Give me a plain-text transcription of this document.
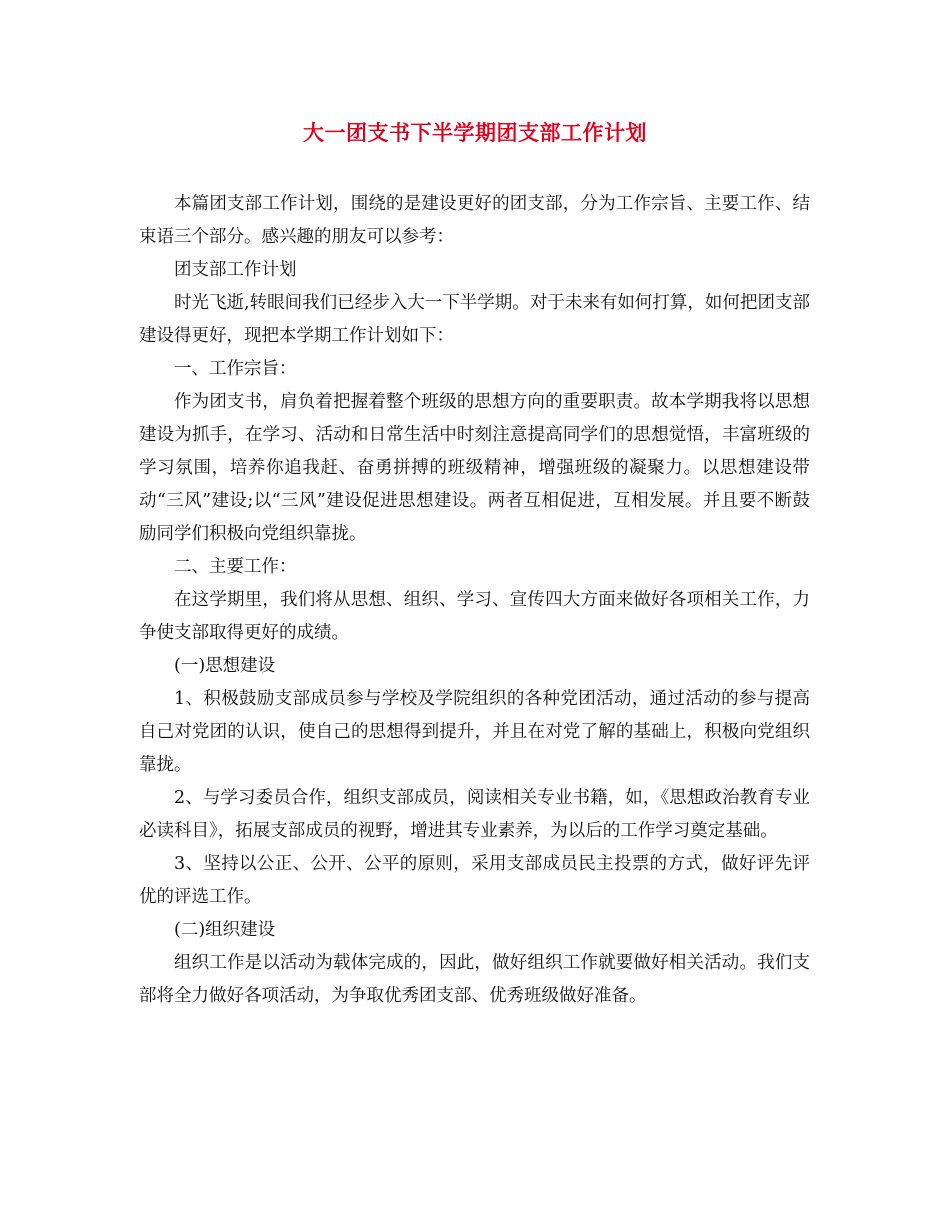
大一团支书下半学期团支部工作计划

本篇团支部工作计划，围绕的是建设更好的团支部，分为工作宗旨、主要工作、结束语三个部分。感兴趣的朋友可以参考：

团支部工作计划

时光飞逝,转眼间我们已经步入大一下半学期。对于未来有如何打算，如何把团支部建设得更好，现把本学期工作计划如下：

一、工作宗旨：

作为团支书，肩负着把握着整个班级的思想方向的重要职责。故本学期我将以思想建设为抓手，在学习、活动和日常生活中时刻注意提高同学们的思想觉悟，丰富班级的学习氛围，培养你追我赶、奋勇拼搏的班级精神，增强班级的凝聚力。以思想建设带动“三风”建设;以“三风”建设促进思想建设。两者互相促进，互相发展。并且要不断鼓励同学们积极向党组织靠拢。

二、主要工作：

在这学期里，我们将从思想、组织、学习、宣传四大方面来做好各项相关工作，力争使支部取得更好的成绩。

(一)思想建设

1、积极鼓励支部成员参与学校及学院组织的各种党团活动，通过活动的参与提高自己对党团的认识，使自己的思想得到提升，并且在对党了解的基础上，积极向党组织靠拢。

2、与学习委员合作，组织支部成员，阅读相关专业书籍，如，《思想政治教育专业必读科目》，拓展支部成员的视野，增进其专业素养，为以后的工作学习奠定基础。

3、坚持以公正、公开、公平的原则，采用支部成员民主投票的方式，做好评先评优的评选工作。

(二)组织建设

组织工作是以活动为载体完成的，因此，做好组织工作就要做好相关活动。我们支部将全力做好各项活动，为争取优秀团支部、优秀班级做好准备。
